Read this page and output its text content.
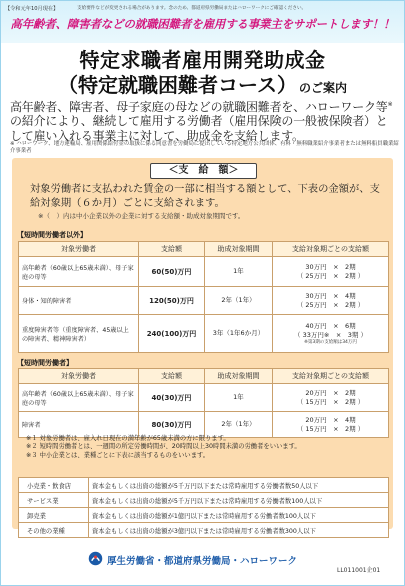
【令和元年10月現在】	支給要件などが変更される場合があります。念のため、都道府県労働局またはハローワークにご確認ください。
高年齢者、障害者などの就職困難者を雇用する事業主をサポートします！！
特定求職者雇用開発助成金
（特定就職困難者コース） のご案内
高年齢者、障害者、母子家庭の母などの就職困難者を、ハローワーク等※の紹介により、継続して雇用する労働者（雇用保険の一般被保険者）として雇い入れる事業主に対して、助成金を支給します。
※ ハローワーク、地方運輸局、雇用関係給付金の取扱に係る同意書を労働局に提出している特定地方公共団体、有料・無料職業紹介事業者または無料船員職業紹介事業者
＜支　給　額＞
対象労働者に支払われた賃金の一部に相当する額として、下表の金額が、支給対象期（６か月）ごとに支給されます。
※（　）内は中小企業以外の企業に対する支給額・助成対象期間です。
【短時間労働者以外】
対象労働者	支給額	助成対象期間	支給対象期ごとの支給額
高年齢者（60歳以上65歳未満）、母子家庭の母等	60(50)万円	1年	30万円　×　2期
（ 25万円　×　2期 ）

身体・知的障害者	120(50)万円	2年（1年）	30万円　×　4期
（ 25万円　×　2期 ）

重度障害者等（重度障害者、45歳以上の障害者、精神障害者）	240(100)万円	3年（1年6か月）	40万円　×　6期
（ 33万円※　×　3期 ）
※第3期の支給額は34万円
【短時間労働者】
対象労働者	支給額	助成対象期間	支給対象期ごとの支給額
高年齢者（60歳以上65歳未満）、母子家庭の母等	40(30)万円	1年	20万円　×　2期
（ 15万円　×　2期 ）

障害者	80(30)万円	2年（1年）	20万円　×　4期
（ 15万円　×　2期 ）
※１ 対象労働者は、雇入れ日現在の満年齢が65歳未満の方に限ります。
※２ 短時間労働者とは、一週間の所定労働時間が、20時間以上30時間未満の労働者をいいます。
※３ 中小企業とは、業種ごとに下表に該当するものをいいます。
小売業・飲食店	資本金もしくは出資の総額が5千万円以下または常時雇用する労働者数50人以下
サービス業	資本金もしくは出資の総額が5千万円以下または常時雇用する労働者数100人以下
卸売業	資本金もしくは出資の総額が1億円以下または常時雇用する労働者数100人以下
その他の業種	資本金もしくは出資の総額が3億円以下または常時雇用する労働者数300人以下
厚生労働省・都道府県労働局・ハローワーク
LL011001企01
